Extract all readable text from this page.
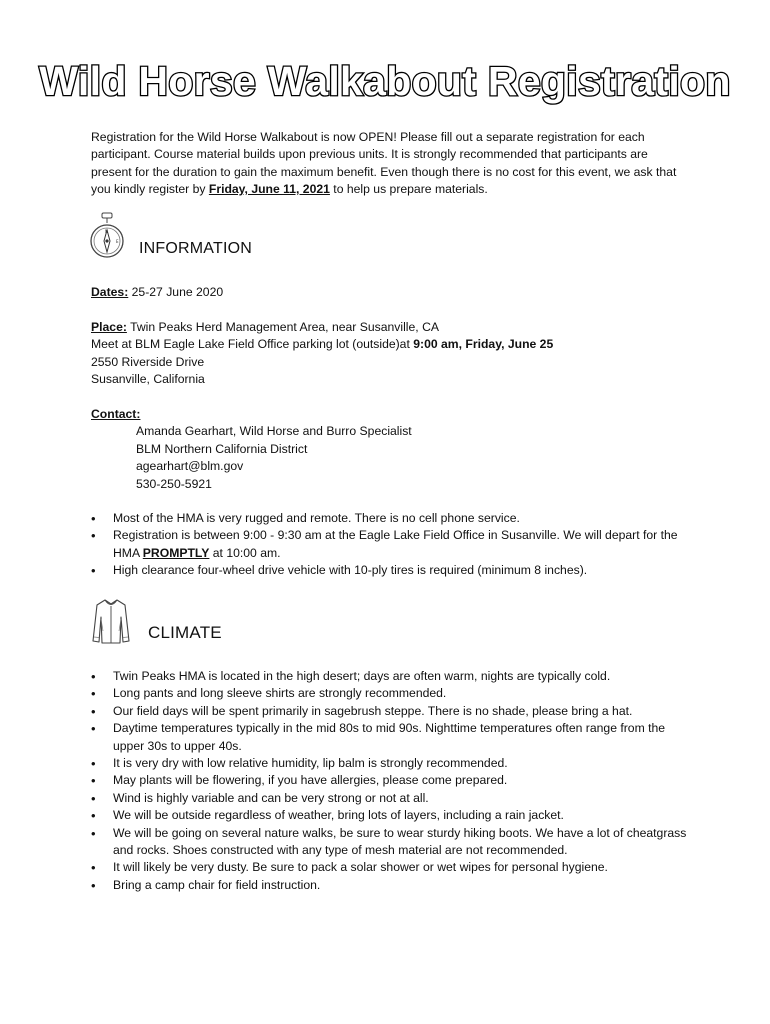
Wild Horse Walkabout Registration
Registration for the Wild Horse Walkabout is now OPEN! Please fill out a separate registration for each participant. Course material builds upon previous units. It is strongly recommended that participants are present for the duration to gain the maximum benefit. Even though there is no cost for this event, we ask that you kindly register by Friday, June 11, 2021 to help us prepare materials.
N
E INFORMATION
Dates: 25-27 June 2020
Place: Twin Peaks Herd Management Area, near Susanville, CA
Meet at BLM Eagle Lake Field Office parking lot (outside)at 9:00 am, Friday, June 25
2550 Riverside Drive
Susanville, California
Contact:
Amanda Gearhart, Wild Horse and Burro Specialist
BLM Northern California District
agearhart@blm.gov
530-250-5921
• Most of the HMA is very rugged and remote. There is no cell phone service.
• Registration is between 9:00 - 9:30 am at the Eagle Lake Field Office in Susanville. We will depart for the HMA PROMPTLY at 10:00 am.
• High clearance four-wheel drive vehicle with 10-ply tires is required (minimum 8 inches).
CLIMATE
• Twin Peaks HMA is located in the high desert; days are often warm, nights are typically cold.
• Long pants and long sleeve shirts are strongly recommended.
• Our field days will be spent primarily in sagebrush steppe. There is no shade, please bring a hat.
• Daytime temperatures typically in the mid 80s to mid 90s. Nighttime temperatures often range from the upper 30s to upper 40s.
• It is very dry with low relative humidity, lip balm is strongly recommended.
• May plants will be flowering, if you have allergies, please come prepared.
• Wind is highly variable and can be very strong or not at all.
• We will be outside regardless of weather, bring lots of layers, including a rain jacket.
• We will be going on several nature walks, be sure to wear sturdy hiking boots. We have a lot of cheatgrass and rocks. Shoes constructed with any type of mesh material are not recommended.
• It will likely be very dusty. Be sure to pack a solar shower or wet wipes for personal hygiene.
• Bring a camp chair for field instruction.
